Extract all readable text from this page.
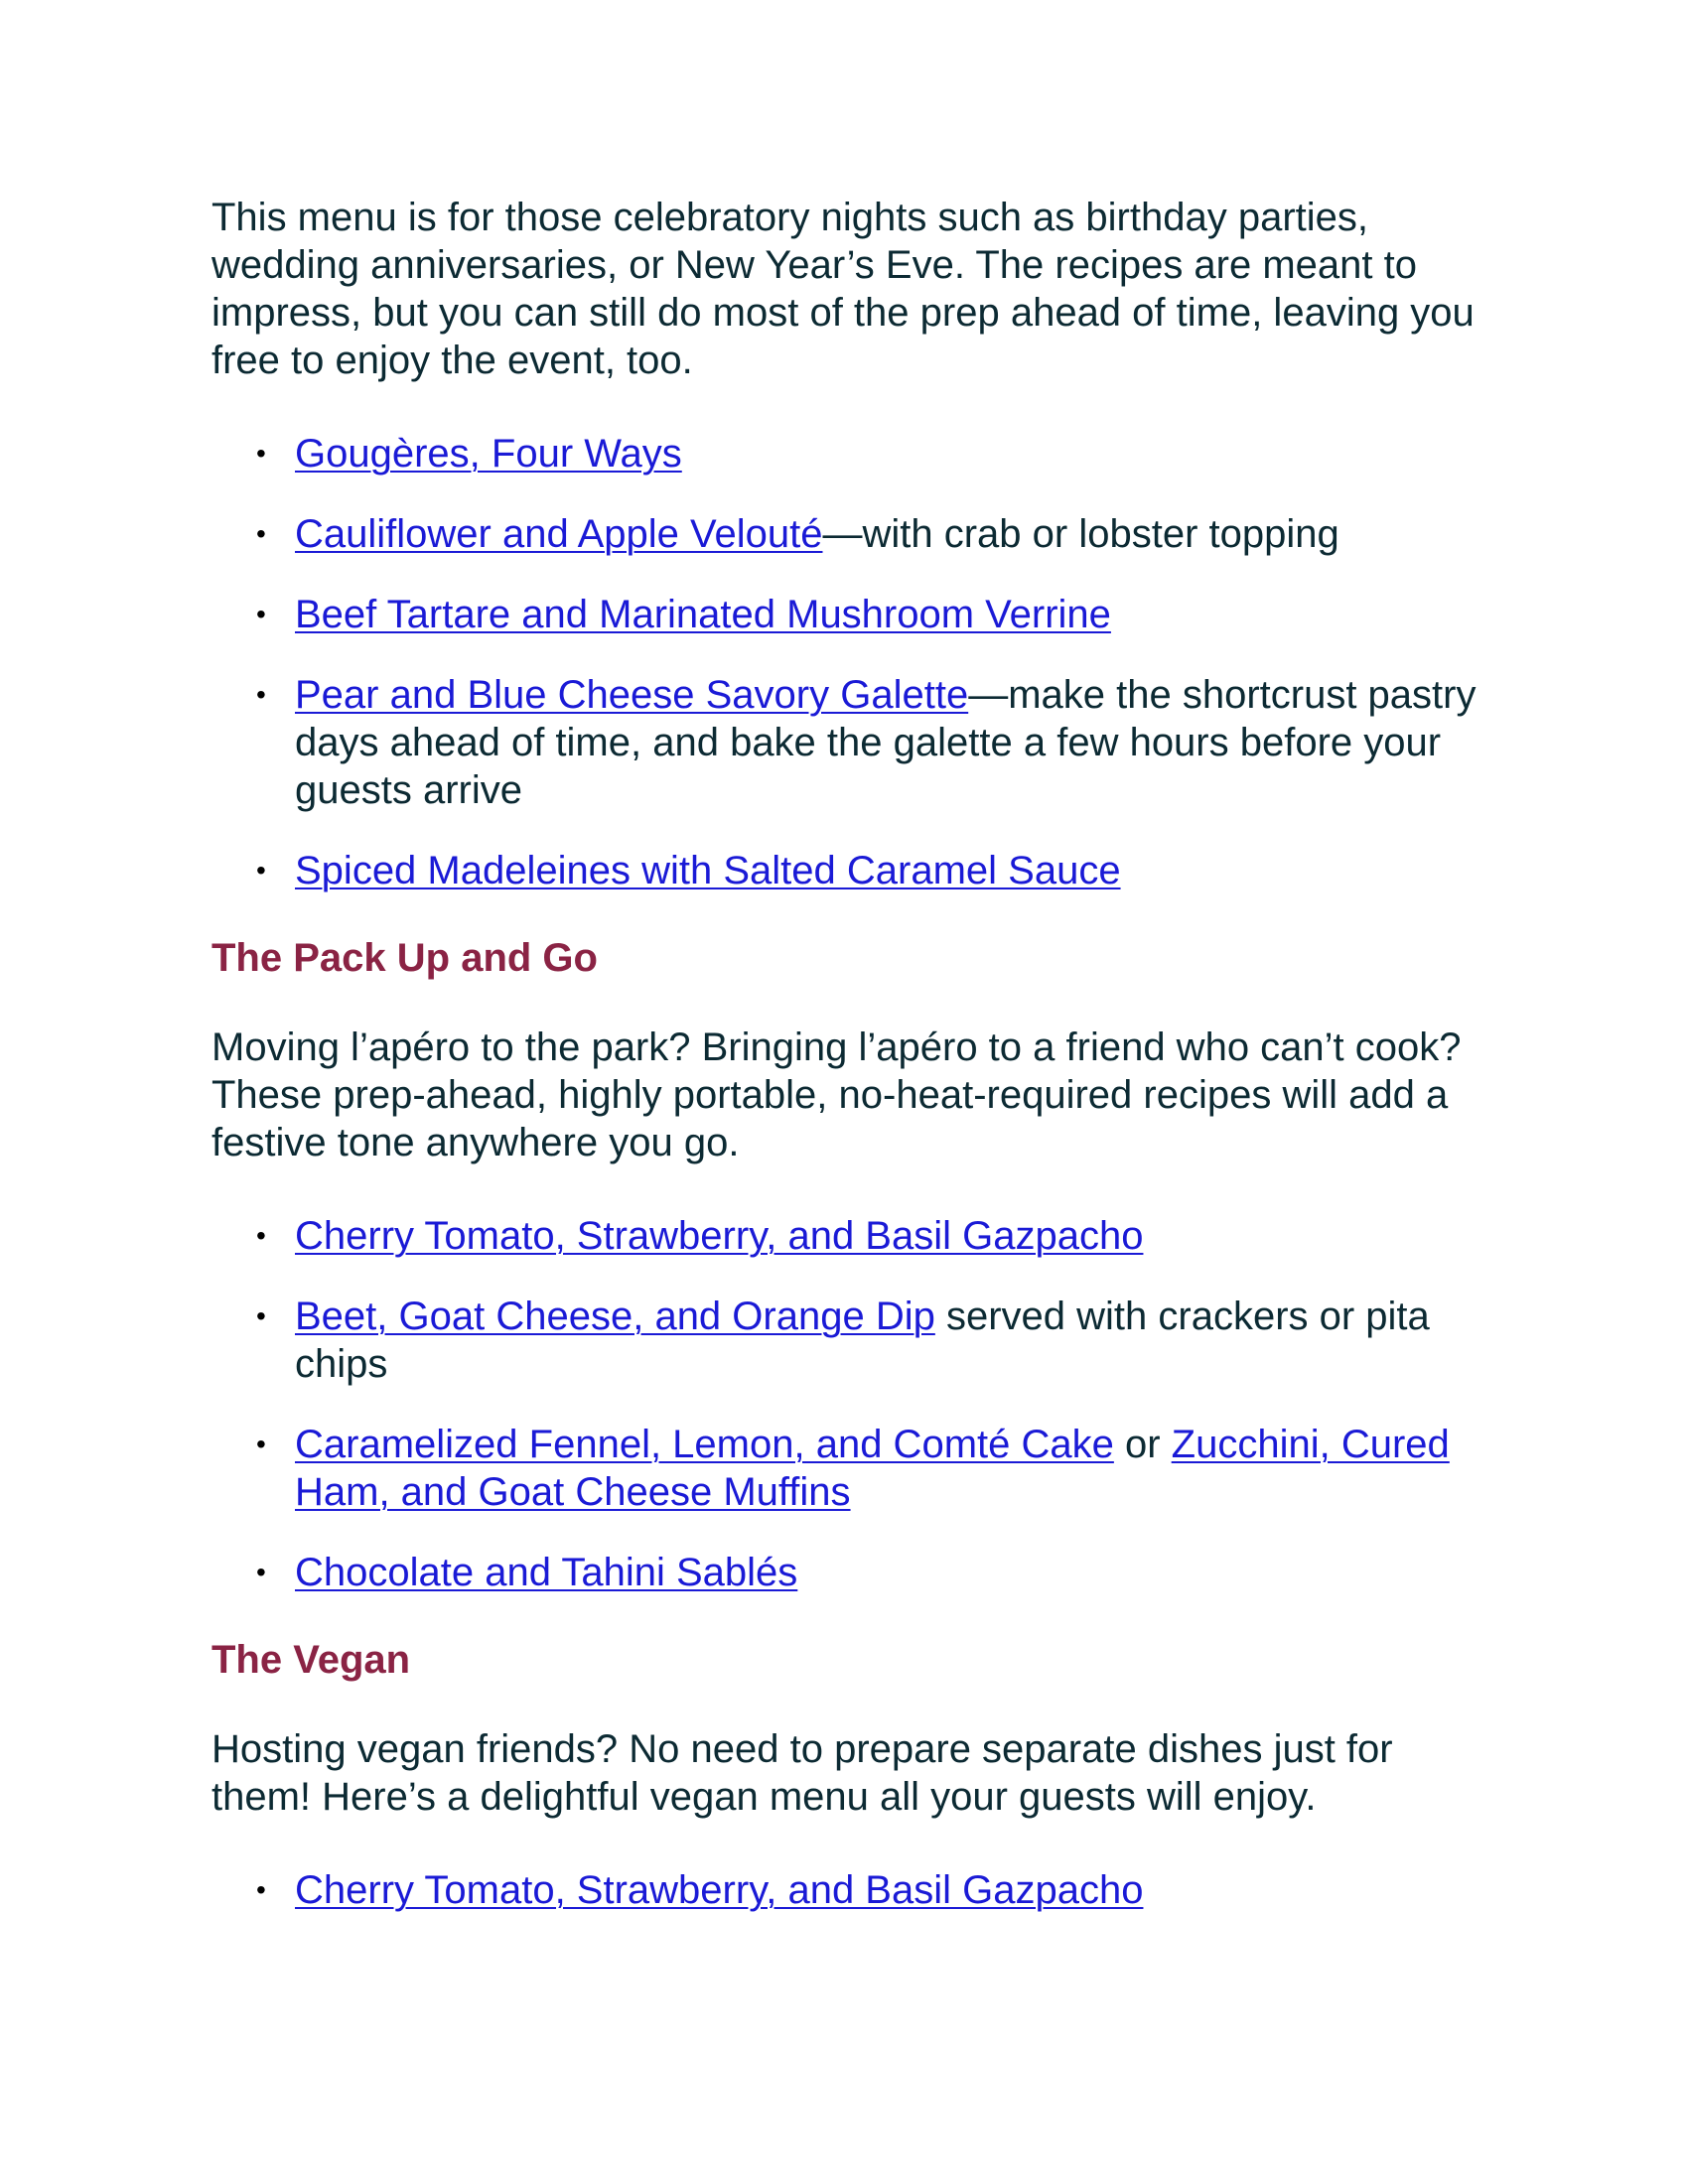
This menu is for those celebratory nights such as birthday parties, wedding anniversaries, or New Year’s Eve. The recipes are meant to impress, but you can still do most of the prep ahead of time, leaving you free to enjoy the event, too.

• Gougères, Four Ways
• Cauliflower and Apple Velouté—with crab or lobster topping
• Beef Tartare and Marinated Mushroom Verrine
• Pear and Blue Cheese Savory Galette—make the shortcrust pastry days ahead of time, and bake the galette a few hours before your guests arrive
• Spiced Madeleines with Salted Caramel Sauce
The Pack Up and Go

Moving l’apéro to the park? Bringing l’apéro to a friend who can’t cook? These prep-ahead, highly portable, no-heat-required recipes will add a festive tone anywhere you go.

• Cherry Tomato, Strawberry, and Basil Gazpacho
• Beet, Goat Cheese, and Orange Dip served with crackers or pita chips
• Caramelized Fennel, Lemon, and Comté Cake or Zucchini, Cured Ham, and Goat Cheese Muffins
• Chocolate and Tahini Sablés
The Vegan

Hosting vegan friends? No need to prepare separate dishes just for them! Here’s a delightful vegan menu all your guests will enjoy.

• Cherry Tomato, Strawberry, and Basil Gazpacho
